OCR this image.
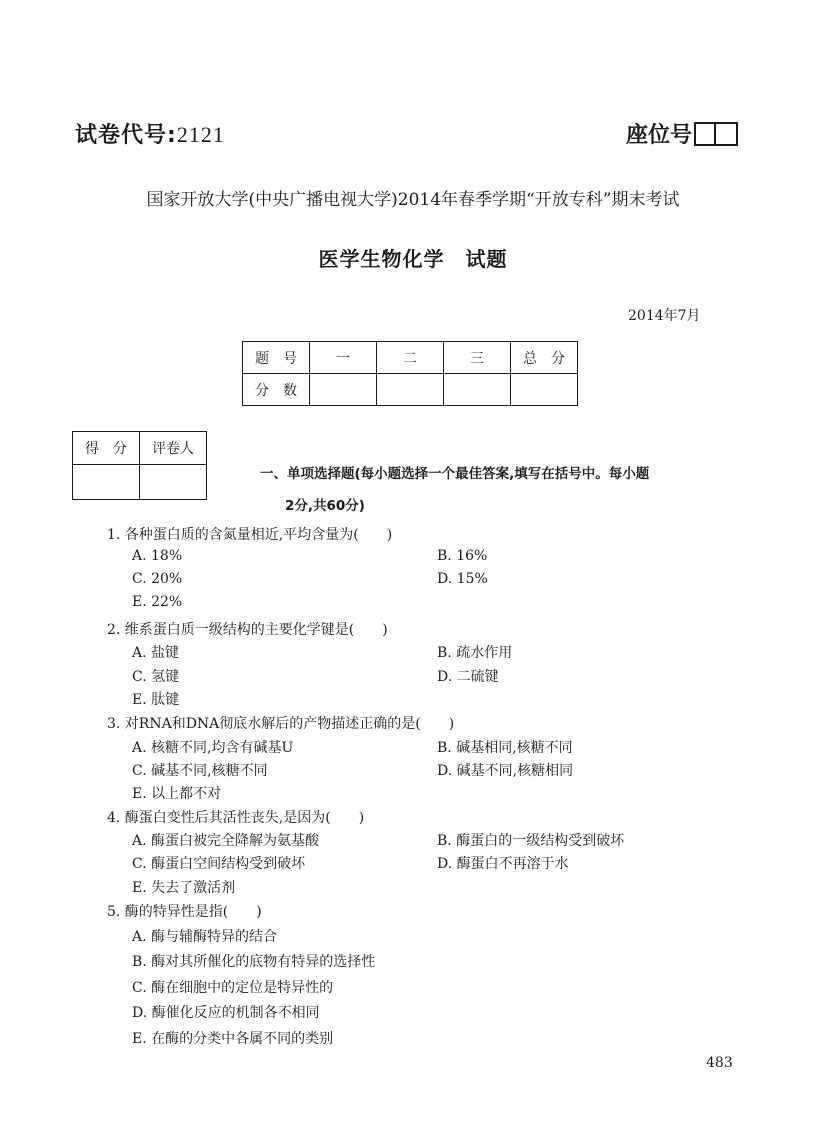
试卷代号:2121	座位号
国家开放大学(中央广播电视大学)2014年春季学期“开放专科”期末考试
医学生物化学　试题
2014年7月
题　号	一	二	三	总　分
分　数				
得　分	评卷人

一、单项选择题(每小题选择一个最佳答案,填写在括号中。每小题
2分,共60分)
1. 各种蛋白质的含氮量相近,平均含量为(　　)
A. 18%	B. 16%
C. 20%	D. 15%
E. 22%
2. 维系蛋白质一级结构的主要化学键是(　　)
A. 盐键	B. 疏水作用
C. 氢键	D. 二硫键
E. 肽键
3. 对RNA和DNA彻底水解后的产物描述正确的是(　　)
A. 核糖不同,均含有碱基U	B. 碱基相同,核糖不同
C. 碱基不同,核糖不同	D. 碱基不同,核糖相同
E. 以上都不对
4. 酶蛋白变性后其活性丧失,是因为(　　)
A. 酶蛋白被完全降解为氨基酸	B. 酶蛋白的一级结构受到破坏
C. 酶蛋白空间结构受到破坏	D. 酶蛋白不再溶于水
E. 失去了激活剂
5. 酶的特异性是指(　　)
A. 酶与辅酶特异的结合
B. 酶对其所催化的底物有特异的选择性
C. 酶在细胞中的定位是特异性的
D. 酶催化反应的机制各不相同
E. 在酶的分类中各属不同的类别
483
